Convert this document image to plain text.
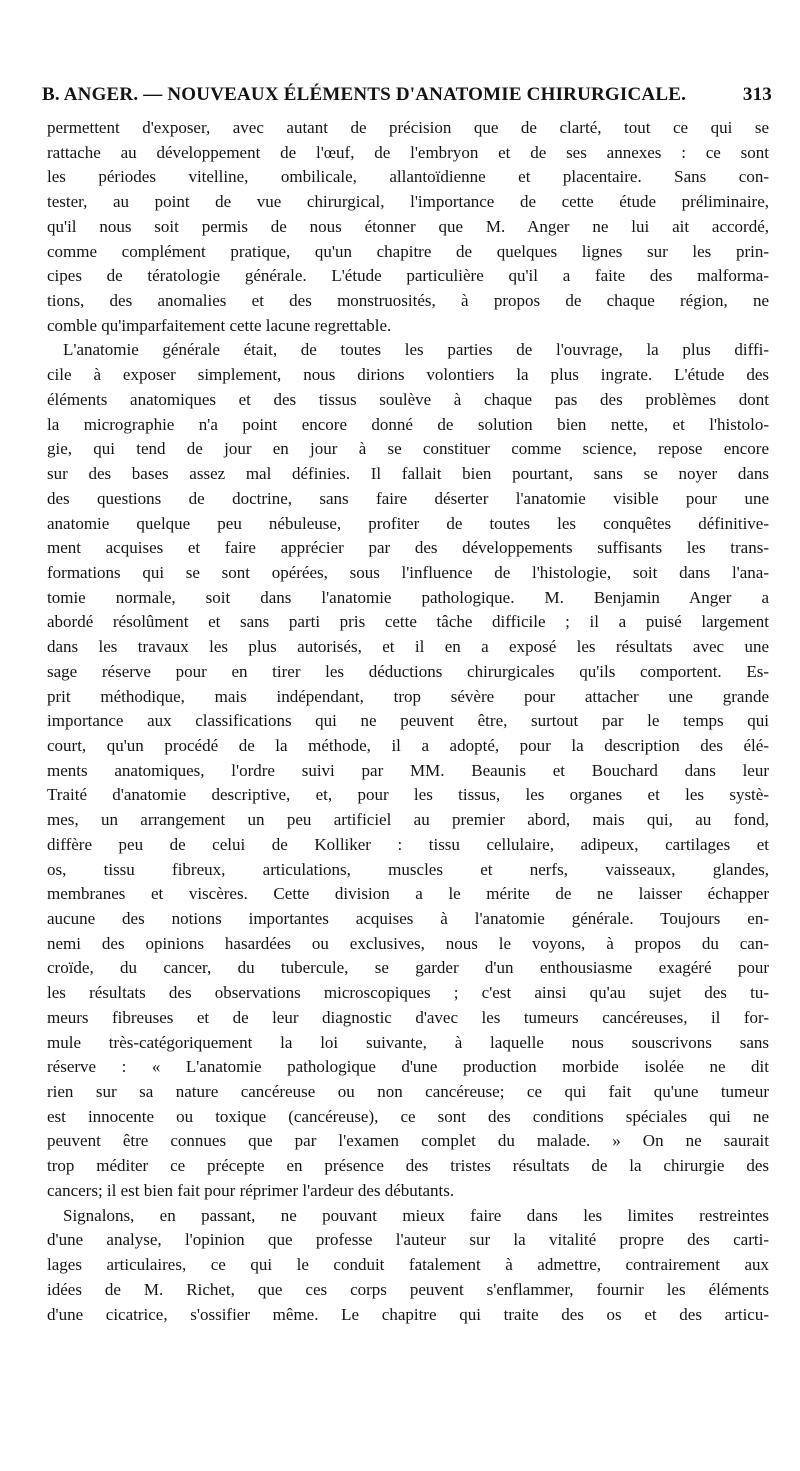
B. ANGER. — NOUVEAUX ÉLÉMENTS D'ANATOMIE CHIRURGICALE.	313
permettent d'exposer, avec autant de précision que de clarté, tout ce qui se
rattache au développement de l'œuf, de l'embryon et de ses annexes : ce sont
les périodes vitelline, ombilicale, allantoïdienne et placentaire. Sans con-
tester, au point de vue chirurgical, l'importance de cette étude préliminaire,
qu'il nous soit permis de nous étonner que M. Anger ne lui ait accordé,
comme complément pratique, qu'un chapitre de quelques lignes sur les prin-
cipes de tératologie générale. L'étude particulière qu'il a faite des malforma-
tions, des anomalies et des monstruosités, à propos de chaque région, ne
comble qu'imparfaitement cette lacune regrettable.
L'anatomie générale était, de toutes les parties de l'ouvrage, la plus diffi-
cile à exposer simplement, nous dirions volontiers la plus ingrate. L'étude des
éléments anatomiques et des tissus soulève à chaque pas des problèmes dont
la micrographie n'a point encore donné de solution bien nette, et l'histolo-
gie, qui tend de jour en jour à se constituer comme science, repose encore
sur des bases assez mal définies. Il fallait bien pourtant, sans se noyer dans
des questions de doctrine, sans faire déserter l'anatomie visible pour une
anatomie quelque peu nébuleuse, profiter de toutes les conquêtes définitive-
ment acquises et faire apprécier par des développements suffisants les trans-
formations qui se sont opérées, sous l'influence de l'histologie, soit dans l'ana-
tomie normale, soit dans l'anatomie pathologique. M. Benjamin Anger a
abordé résolûment et sans parti pris cette tâche difficile ; il a puisé largement
dans les travaux les plus autorisés, et il en a exposé les résultats avec une
sage réserve pour en tirer les déductions chirurgicales qu'ils comportent. Es-
prit méthodique, mais indépendant, trop sévère pour attacher une grande
importance aux classifications qui ne peuvent être, surtout par le temps qui
court, qu'un procédé de la méthode, il a adopté, pour la description des élé-
ments anatomiques, l'ordre suivi par MM. Beaunis et Bouchard dans leur
Traité d'anatomie descriptive, et, pour les tissus, les organes et les systè-
mes, un arrangement un peu artificiel au premier abord, mais qui, au fond,
diffère peu de celui de Kolliker : tissu cellulaire, adipeux, cartilages et
os, tissu fibreux, articulations, muscles et nerfs, vaisseaux, glandes,
membranes et viscères. Cette division a le mérite de ne laisser échapper
aucune des notions importantes acquises à l'anatomie générale. Toujours en-
nemi des opinions hasardées ou exclusives, nous le voyons, à propos du can-
croïde, du cancer, du tubercule, se garder d'un enthousiasme exagéré pour
les résultats des observations microscopiques ; c'est ainsi qu'au sujet des tu-
meurs fibreuses et de leur diagnostic d'avec les tumeurs cancéreuses, il for-
mule très-catégoriquement la loi suivante, à laquelle nous souscrivons sans
réserve : « L'anatomie pathologique d'une production morbide isolée ne dit
rien sur sa nature cancéreuse ou non cancéreuse; ce qui fait qu'une tumeur
est innocente ou toxique (cancéreuse), ce sont des conditions spéciales qui ne
peuvent être connues que par l'examen complet du malade. » On ne saurait
trop méditer ce précepte en présence des tristes résultats de la chirurgie des
cancers; il est bien fait pour réprimer l'ardeur des débutants.
Signalons, en passant, ne pouvant mieux faire dans les limites restreintes
d'une analyse, l'opinion que professe l'auteur sur la vitalité propre des carti-
lages articulaires, ce qui le conduit fatalement à admettre, contrairement aux
idées de M. Richet, que ces corps peuvent s'enflammer, fournir les éléments
d'une cicatrice, s'ossifier même. Le chapitre qui traite des os et des articu-
